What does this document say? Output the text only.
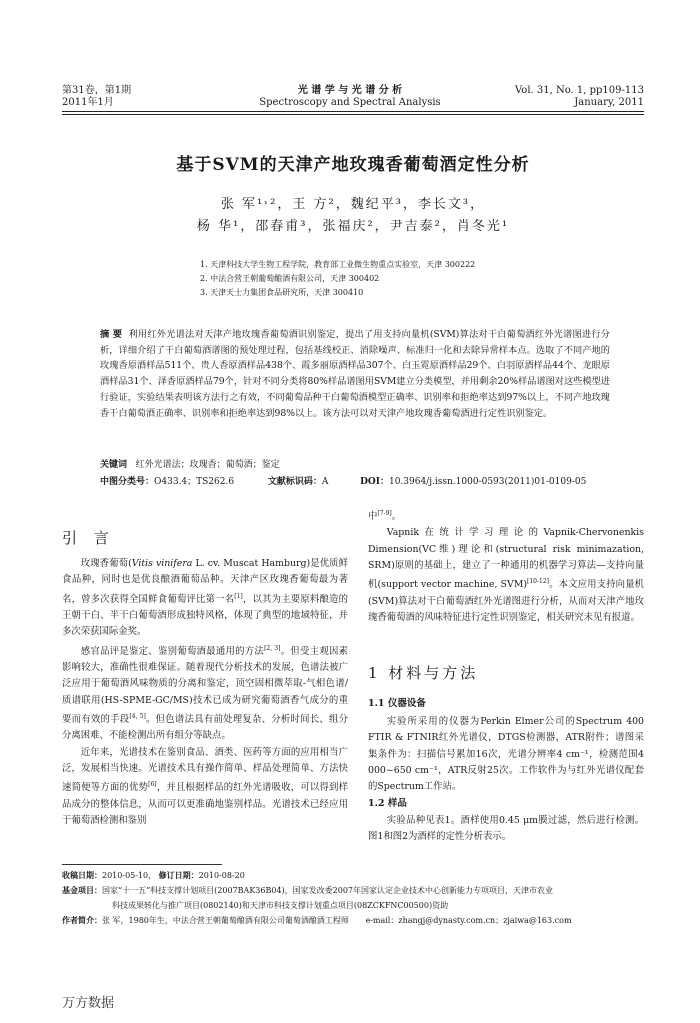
第31卷，第1期
2011年1月
光 谱 学 与 光 谱 分 析
Spectroscopy and Spectral Analysis
Vol. 31, No. 1, pp109-113
January, 2011
基于SVM的天津产地玫瑰香葡萄酒定性分析
张 军¹˒²，王 方²，魏纪平³，李长文³，
杨 华¹，邵春甫³，张福庆²，尹吉泰²，肖冬光¹
1. 天津科技大学生物工程学院，教育部工业微生物重点实验室，天津 300222
2. 中法合营王朝葡萄酿酒有限公司，天津 300402
3. 天津天士力集团食品研究所，天津 300410
摘 要 利用红外光谱法对天津产地玫瑰香葡萄酒识别鉴定，提出了用支持向量机(SVM)算法对干白葡萄酒红外光谱图进行分析，详细介绍了干白葡萄酒谱图的预处理过程，包括基线校正、消除噪声、标准归一化和去除异常样本点。选取了不同产地的玫瑰香原酒样品511个、贵人香原酒样品438个、霞多丽原酒样品307个、白玉霓原酒样品29个、白羽原酒样品44个、龙眼原酒样品31个、泽香原酒样品79个，针对不同分类将80%样品谱图用SVM建立分类模型，并用剩余20%样品谱图对这些模型进行验证，实验结果表明该方法行之有效，不同葡萄品种干白葡萄酒模型正确率、识别率和拒绝率达到97%以上，不同产地玫瑰香干白葡萄酒正确率、识别率和拒绝率达到98%以上。该方法可以对天津产地玫瑰香葡萄酒进行定性识别鉴定。
关键词 红外光谱法；玫瑰香；葡萄酒；鉴定
中图分类号：O433.4；TS262.6	文献标识码：A	DOI：10.3964/j.issn.1000-0593(2011)01-0109-05
引 言

玫瑰香葡萄(Vitis vinifera L. cv. Muscat Hamburg)是优质鲜食品种，同时也是优良酿酒葡萄品种。天津产区玫瑰香葡萄最为著名，曾多次获得全国鲜食葡萄评比第一名[1]，以其为主要原料酿造的王朝干白、半干白葡萄酒形成独特风格，体现了典型的地域特征，并多次荣获国际金奖。

感官品评是鉴定、鉴别葡萄酒最通用的方法[2, 3]。但受主观因素影响较大，准确性很难保证。随着现代分析技术的发展，色谱法被广泛应用于葡萄酒风味物质的分离和鉴定，顶空固相微萃取-气相色谱/质谱联用(HS-SPME-GC/MS)技术已成为研究葡萄酒香气成分的重要而有效的手段[4, 5]。但色谱法具有前处理复杂、分析时间长、组分分离困难、不能检测出所有组分等缺点。

近年来，光谱技术在鉴别食品、酒类、医药等方面的应用相当广泛，发展相当快速。光谱技术具有操作简单、样品处理简单、方法快速简便等方面的优势[6]，并且根据样品的红外光谱吸收，可以得到样品成分的整体信息，从而可以更准确地鉴别样品。光谱技术已经应用于葡萄酒检测和鉴别

中[7-9]。

Vapnik在统计学习理论的Vapnik-Chervonenkis Dimension(VC维)理论和(structural risk minimazation, SRM)原则的基础上，建立了一种通用的机器学习算法—支持向量机(support vector machine, SVM)[10-12]。本文应用支持向量机(SVM)算法对干白葡萄酒红外光谱图进行分析，从而对天津产地玫瑰香葡萄酒的风味特征进行定性识别鉴定，相关研究未见有报道。

1 材料与方法
1.1 仪器设备

实验所采用的仪器为Perkin Elmer公司的Spectrum 400 FTIR & FTNIR红外光谱仪，DTGS检测器，ATR附件；谱图采集条件为：扫描信号累加16次，光谱分辨率4 cm⁻¹，检测范围4 000~650 cm⁻¹，ATR反射25次。工作软件为与红外光谱仪配套的Spectrum工作站。

1.2 样品

实验品种见表1。酒样使用0.45 μm膜过滤，然后进行检测。图1和图2为酒样的定性分析表示。

收稿日期：2010-05-10， 修订日期：2010-08-20
基金项目：国家“十一五”科技支撑计划项目(2007BAK36B04)，国家发改委2007年国家认定企业技术中心创新能力专项项目，天津市农业
科技成果转化与推广项目(0802140)和天津市科技支撑计划重点项目(08ZCKFNC00500)资助
作者简介：张 军，1980年生，中法合营王朝葡萄酿酒有限公司葡萄酒酿酒工程师 e-mail：zhangj@dynasty.com.cn；zjaiwa@163.com
万方数据
